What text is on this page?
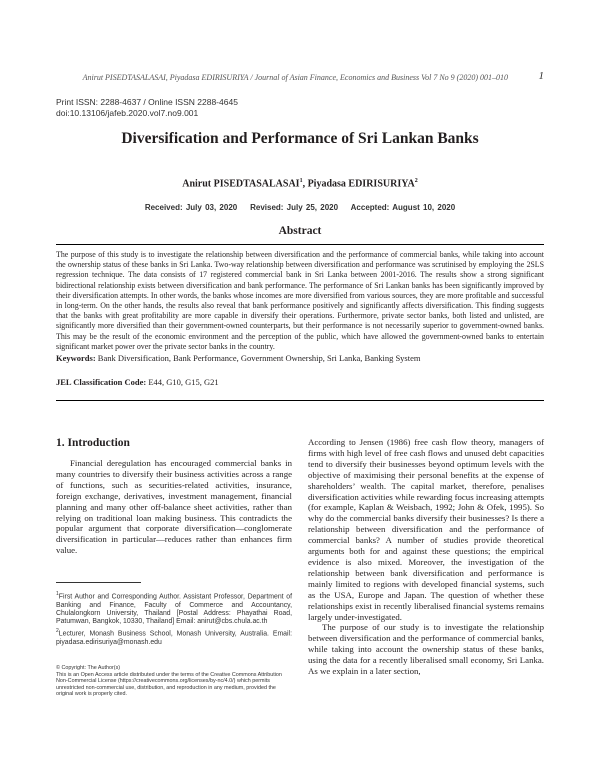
Anirut PISEDTASALASAI, Piyadasa EDIRISURIYA / Journal of Asian Finance, Economics and Business Vol 7 No 9 (2020) 001–010	1
Print ISSN: 2288-4637 / Online ISSN 2288-4645
doi:10.13106/jafeb.2020.vol7.no9.001
Diversification and Performance of Sri Lankan Banks
Anirut PISEDTASALASAI$^1$, Piyadasa EDIRISURIYA$^2$
Received: July 03, 2020 Revised: July 25, 2020 Accepted: August 10, 2020
Abstract
The purpose of this study is to investigate the relationship between diversification and the performance of commercial banks, while taking into account the ownership status of these banks in Sri Lanka. Two-way relationship between diversification and performance was scrutinised by employing the 2SLS regression technique. The data consists of 17 registered commercial bank in Sri Lanka between 2001-2016. The results show a strong significant bidirectional relationship exists between diversification and bank performance. The performance of Sri Lankan banks has been significantly improved by their diversification attempts. In other words, the banks whose incomes are more diversified from various sources, they are more profitable and successful in long-term. On the other hands, the results also reveal that bank performance positively and significantly affects diversification. This finding suggests that the banks with great profitability are more capable in diversify their operations. Furthermore, private sector banks, both listed and unlisted, are significantly more diversified than their government-owned counterparts, but their performance is not necessarily superior to government-owned banks. This may be the result of the economic environment and the perception of the public, which have allowed the government-owned banks to entertain significant market power over the private sector banks in the country.
Keywords: Bank Diversification, Bank Performance, Government Ownership, Sri Lanka, Banking System
JEL Classification Code: E44, G10, G15, G21
1. Introduction

Financial deregulation has encouraged commercial banks in many countries to diversify their business activities across a range of functions, such as securities-related activities, insurance, foreign exchange, derivatives, investment management, financial planning and many other off-balance sheet activities, rather than relying on traditional loan making business. This contradicts the popular argument that corporate diversification—conglomerate diversification in particular—reduces rather than enhances firm value.

$^1$First Author and Corresponding Author. Assistant Professor, Department of Banking and Finance, Faculty of Commerce and Accountancy, Chulalongkorn University, Thailand [Postal Address: Phayathai Road, Patumwan, Bangkok, 10330, Thailand] Email: anirut@cbs.chula.ac.th
$^2$Lecturer, Monash Business School, Monash University, Australia. Email: piyadasa.edirisuriya@monash.edu
© Copyright: The Author(s)
This is an Open Access article distributed under the terms of the Creative Commons Attribution Non-Commercial License (https://creativecommons.org/licenses/by-nc/4.0/) which permits unrestricted non-commercial use, distribution, and reproduction in any medium, provided the original work is properly cited.

According to Jensen (1986) free cash flow theory, managers of firms with high level of free cash flows and unused debt capacities tend to diversify their businesses beyond optimum levels with the objective of maximising their personal benefits at the expense of shareholders’ wealth. The capital market, therefore, penalises diversification activities while rewarding focus increasing attempts (for example, Kaplan & Weisbach, 1992; John & Ofek, 1995). So why do the commercial banks diversify their businesses? Is there a relationship between diversification and the performance of commercial banks? A number of studies provide theoretical arguments both for and against these questions; the empirical evidence is also mixed. Moreover, the investigation of the relationship between bank diversification and performance is mainly limited to regions with developed financial systems, such as the USA, Europe and Japan. The question of whether these relationships exist in recently liberalised financial systems remains largely under-investigated.

The purpose of our study is to investigate the relationship between diversification and the performance of commercial banks, while taking into account the ownership status of these banks, using the data for a recently liberalised small economy, Sri Lanka. As we explain in a later section,
